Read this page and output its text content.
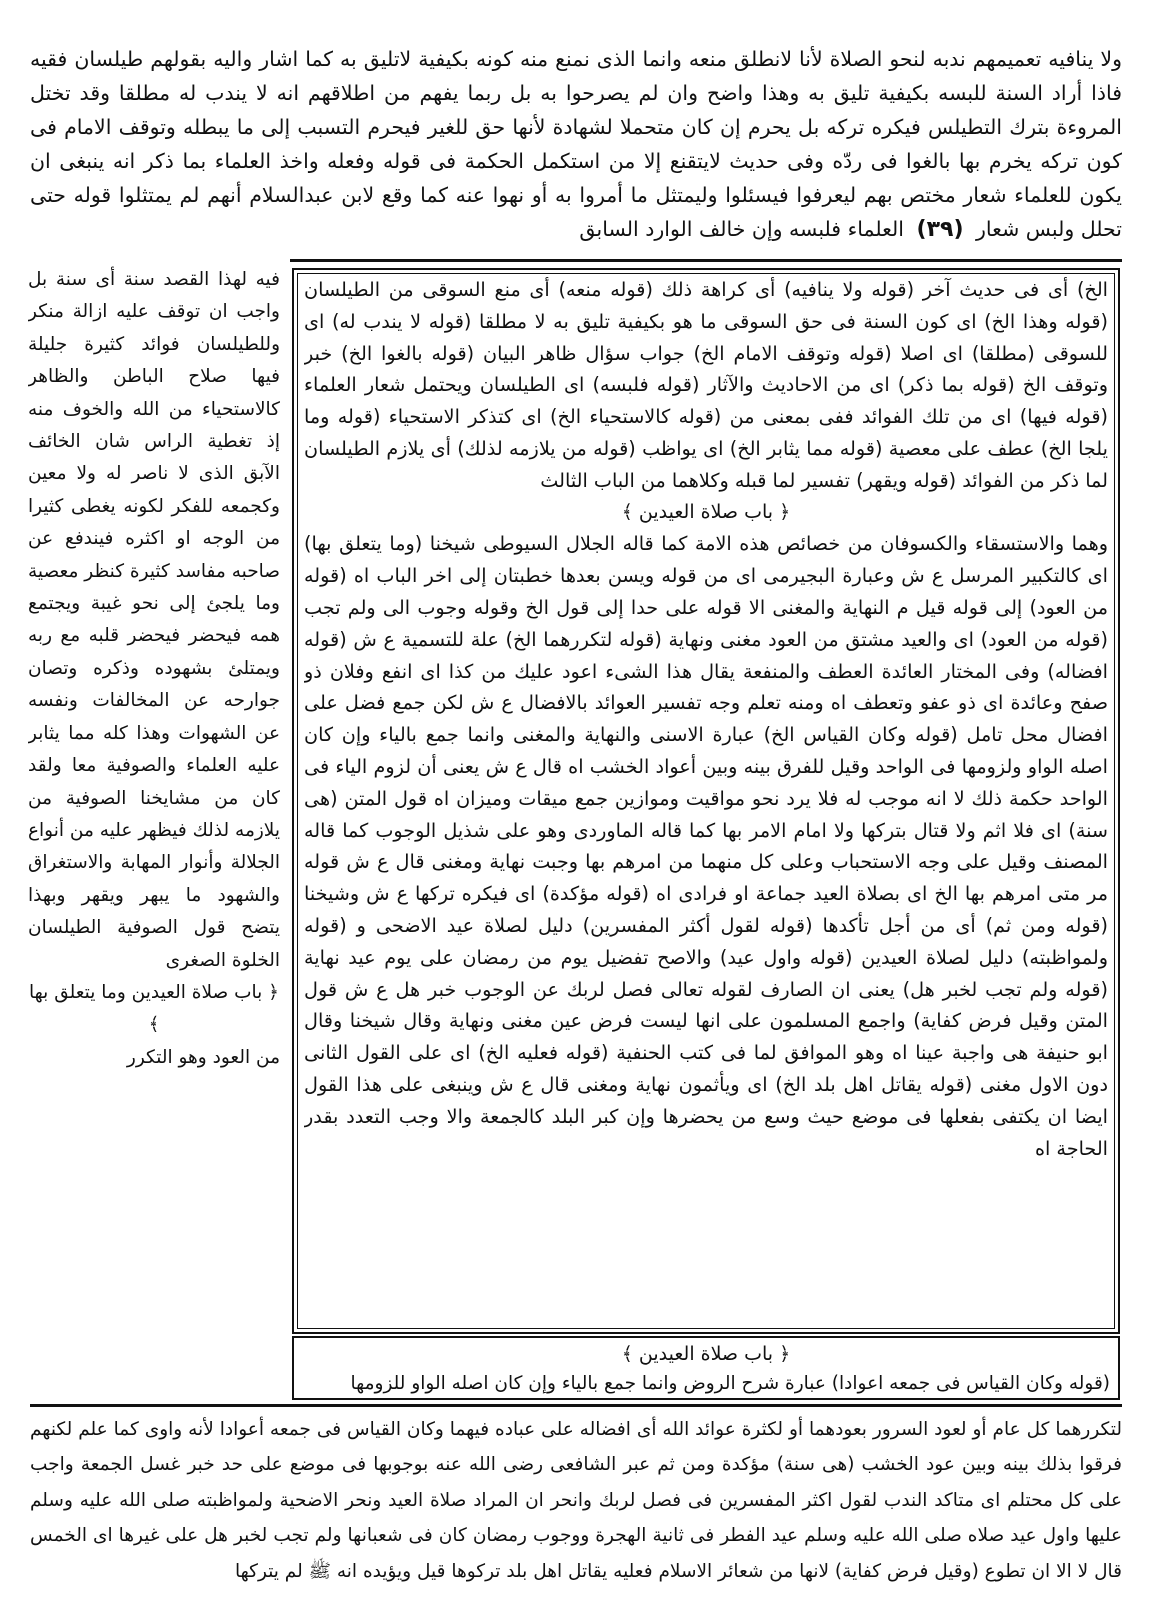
ولا ينافيه تعميمهم ندبه لنحو الصلاة لأنا لانطلق منعه وانما الذى نمنع منه كونه بكيفية لاتليق به كما اشار واليه بقولهم طيلسان فقيه فاذا أراد السنة للبسه بكيفية تليق به وهذا واضح وان لم يصرحوا به بل ربما يفهم من اطلاقهم انه لا يندب له مطلقا وقد تختل المروءة بترك التطيلس فيكره تركه بل يحرم إن كان متحملا لشهادة لأنها حق للغير فيحرم التسبب إلى ما يبطله وتوقف الامام فى كون تركه يخرم بها بالغوا فى ردّه وفى حديث لايتقنع إلا من استكمل الحكمة فى قوله وفعله واخذ العلماء بما ذكر انه ينبغى ان يكون للعلماء شعار مختص بهم ليعرفوا فيسئلوا وليمتثل ما أمروا به أو نهوا عنه كما وقع لابن عبدالسلام أنهم لم يمتثلوا قوله حتى تحلل ولبس شعار (٣٩) العلماء فلبسه وإن خالف الوارد السابق
فيه لهذا القصد سنة أى سنة بل واجب ان توقف عليه ازالة منكر وللطيلسان فوائد كثيرة جليلة فيها صلاح الباطن والظاهر كالاستحياء من الله والخوف منه إذ تغطية الراس شان الخائف الآبق الذى لا ناصر له ولا معين وكجمعه للفكر لكونه يغطى كثيرا من الوجه او اكثره فيندفع عن صاحبه مفاسد كثيرة كنظر معصية وما يلجئ إلى نحو غيبة ويجتمع همه فيحضر فيحضر قلبه مع ربه ويمتلئ بشهوده وذكره وتصان جوارحه عن المخالفات ونفسه عن الشهوات وهذا كله مما يثابر عليه العلماء والصوفية معا ولقد كان من مشايخنا الصوفية من يلازمه لذلك فيظهر عليه من أنواع الجلالة وأنوار المهابة والاستغراق والشهود ما يبهر ويقهر وبهذا يتضح قول الصوفية الطيلسان الخلوة الصغرى
﴿ باب صلاة العيدين وما يتعلق بها ﴾
من العود وهو التكرر
الخ) أى فى حديث آخر (قوله ولا ينافيه) أى كراهة ذلك (قوله منعه) أى منع السوقى من الطيلسان (قوله وهذا الخ) اى كون السنة فى حق السوقى ما هو بكيفية تليق به لا مطلقا (قوله لا يندب له) اى للسوقى (مطلقا) اى اصلا (قوله وتوقف الامام الخ) جواب سؤال ظاهر البيان (قوله بالغوا الخ) خبر وتوقف الخ (قوله بما ذكر) اى من الاحاديث والآثار (قوله فلبسه) اى الطيلسان ويحتمل شعار العلماء (قوله فيها) اى من تلك الفوائد ففى بمعنى من (قوله كالاستحياء الخ) اى كتذكر الاستحياء (قوله وما يلجا الخ) عطف على معصية (قوله مما يثابر الخ) اى يواظب (قوله من يلازمه لذلك) أى يلازم الطيلسان لما ذكر من الفوائد (قوله ويقهر) تفسير لما قبله وكلاهما من الباب الثالث
﴿ باب صلاة العيدين ﴾
وهما والاستسقاء والكسوفان من خصائص هذه الامة كما قاله الجلال السيوطى شيخنا (وما يتعلق بها) اى كالتكبير المرسل ع ش وعبارة البجيرمى اى من قوله ويسن بعدها خطبتان إلى اخر الباب اه (قوله من العود) إلى قوله قيل م النهاية والمغنى الا قوله على حدا إلى قول الخ وقوله وجوب الى ولم تجب (قوله من العود) اى والعيد مشتق من العود مغنى ونهاية (قوله لتكررهما الخ) علة للتسمية ع ش (قوله افضاله) وفى المختار العائدة العطف والمنفعة يقال هذا الشىء اعود عليك من كذا اى انفع وفلان ذو صفح وعائدة اى ذو عفو وتعطف اه ومنه تعلم وجه تفسير العوائد بالافضال ع ش لكن جمع فضل على افضال محل تامل (قوله وكان القياس الخ) عبارة الاسنى والنهاية والمغنى وانما جمع بالياء وإن كان اصله الواو ولزومها فى الواحد وقيل للفرق بينه وبين أعواد الخشب اه قال ع ش يعنى أن لزوم الياء فى الواحد حكمة ذلك لا انه موجب له فلا يرد نحو مواقيت وموازين جمع ميقات وميزان اه قول المتن (هى سنة) اى فلا اثم ولا قتال بتركها ولا امام الامر بها كما قاله الماوردى وهو على شذيل الوجوب كما قاله المصنف وقيل على وجه الاستحباب وعلى كل منهما من امرهم بها وجبت نهاية ومغنى قال ع ش قوله مر متى امرهم بها الخ اى بصلاة العيد جماعة او فرادى اه (قوله مؤكدة) اى فيكره تركها ع ش وشيخنا (قوله ومن ثم) أى من أجل تأكدها (قوله لقول أكثر المفسرين) دليل لصلاة عيد الاضحى و (قوله ولمواظبته) دليل لصلاة العيدين (قوله واول عيد) والاصح تفضيل يوم من رمضان على يوم عيد نهاية (قوله ولم تجب لخبر هل) يعنى ان الصارف لقوله تعالى فصل لربك عن الوجوب خبر هل ع ش قول المتن وقيل فرض كفاية) واجمع المسلمون على انها ليست فرض عين مغنى ونهاية وقال شيخنا وقال ابو حنيفة هى واجبة عينا اه وهو الموافق لما فى كتب الحنفية (قوله فعليه الخ) اى على القول الثانى دون الاول مغنى (قوله يقاتل اهل بلد الخ) اى ويأثمون نهاية ومغنى قال ع ش وينبغى على هذا القول ايضا ان يكتفى بفعلها فى موضع حيث وسع من يحضرها وإن كبر البلد كالجمعة والا وجب التعدد بقدر الحاجة اه
﴿ باب صلاة العيدين ﴾
(قوله وكان القياس فى جمعه اعوادا) عبارة شرح الروض وانما جمع بالياء وإن كان اصله الواو للزومها
لتكررهما كل عام أو لعود السرور بعودهما أو لكثرة عوائد الله أى افضاله على عباده فيهما وكان القياس فى جمعه أعوادا لأنه واوى كما علم لكنهم فرقوا بذلك بينه وبين عود الخشب (هى سنة) مؤكدة ومن ثم عبر الشافعى رضى الله عنه بوجوبها فى موضع على حد خبر غسل الجمعة واجب على كل محتلم اى متاكد الندب لقول اكثر المفسرين فى فصل لربك وانحر ان المراد صلاة العيد ونحر الاضحية ولمواظبته صلى الله عليه وسلم عليها واول عيد صلاه صلى الله عليه وسلم عيد الفطر فى ثانية الهجرة ووجوب رمضان كان فى شعبانها ولم تجب لخبر هل على غيرها اى الخمس قال لا الا ان تطوع (وقيل فرض كفاية) لانها من شعائر الاسلام فعليه يقاتل اهل بلد تركوها قيل ويؤيده انه ﷺ لم يتركها
